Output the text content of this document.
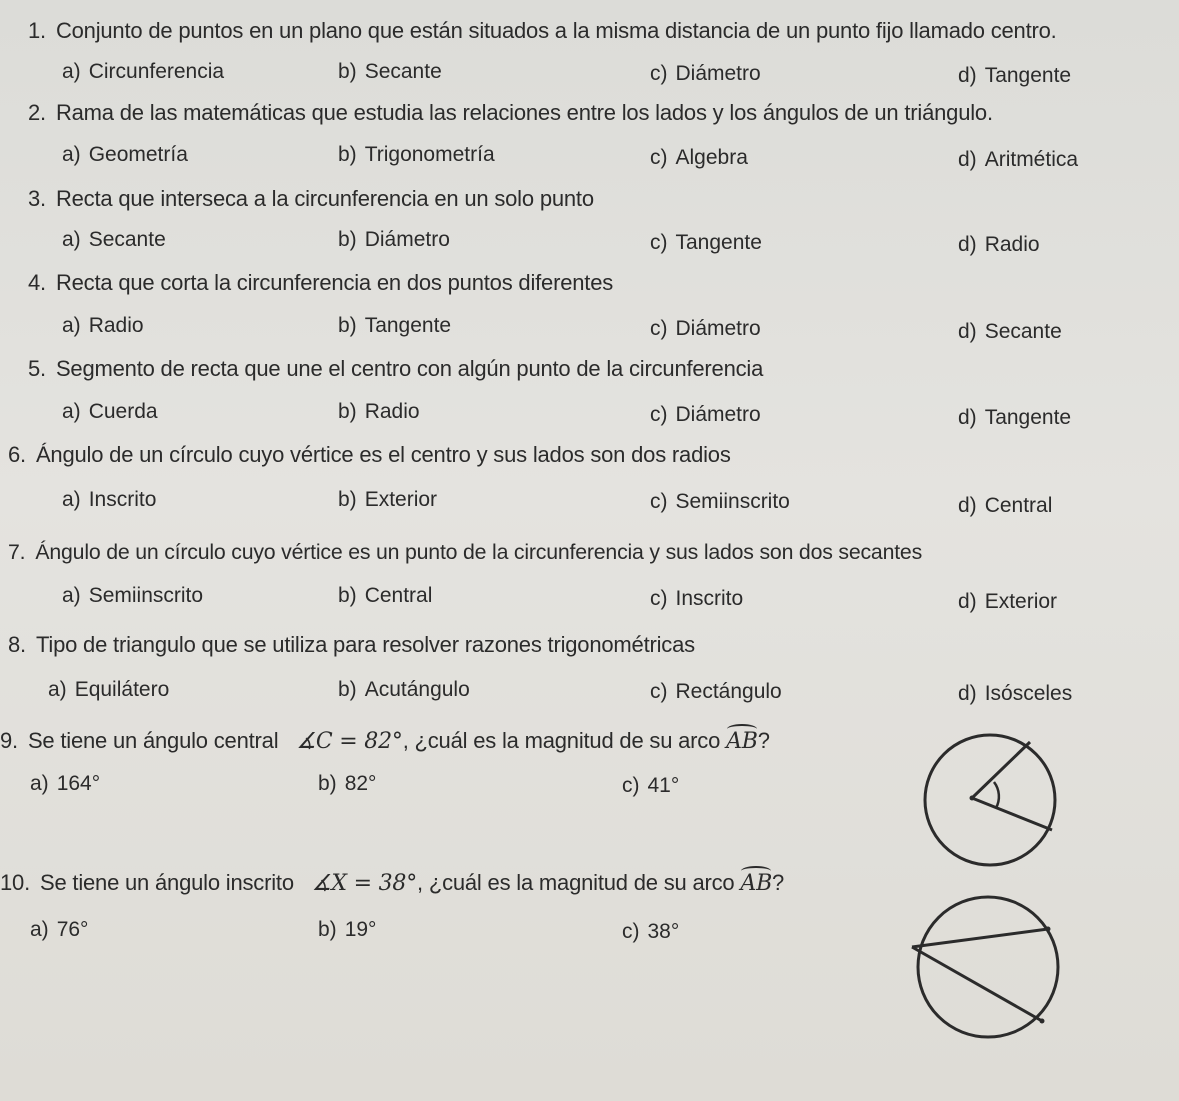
1. Conjunto de puntos en un plano que están situados a la misma distancia de un punto fijo llamado centro.
a) Circunferencia	b) Secante	c) Diámetro	d) Tangente
2. Rama de las matemáticas que estudia las relaciones entre los lados y los ángulos de un triángulo.
a) Geometría	b) Trigonometría	c) Algebra	d) Aritmética
3. Recta que interseca a la circunferencia en un solo punto
a) Secante	b) Diámetro	c) Tangente	d) Radio
4. Recta que corta la circunferencia en dos puntos diferentes
a) Radio	b) Tangente	c) Diámetro	d) Secante
5. Segmento de recta que une el centro con algún punto de la circunferencia
a) Cuerda	b) Radio	c) Diámetro	d) Tangente
6. Ángulo de un círculo cuyo vértice es el centro y sus lados son dos radios
a) Inscrito	b) Exterior	c) Semiinscrito	d) Central
7. Ángulo de un círculo cuyo vértice es un punto de la circunferencia y sus lados son dos secantes
a) Semiinscrito	b) Central	c) Inscrito	d) Exterior
8. Tipo de triangulo que se utiliza para resolver razones trigonométricas
a) Equilátero	b) Acutángulo	c) Rectángulo	d) Isósceles
9. Se tiene un ángulo central ∡C = 82°, ¿cuál es la magnitud de su arco AB?
a) 164°	b) 82°	c) 41°
10. Se tiene un ángulo inscrito ∡X = 38°, ¿cuál es la magnitud de su arco AB?
a) 76°	b) 19°	c) 38°
